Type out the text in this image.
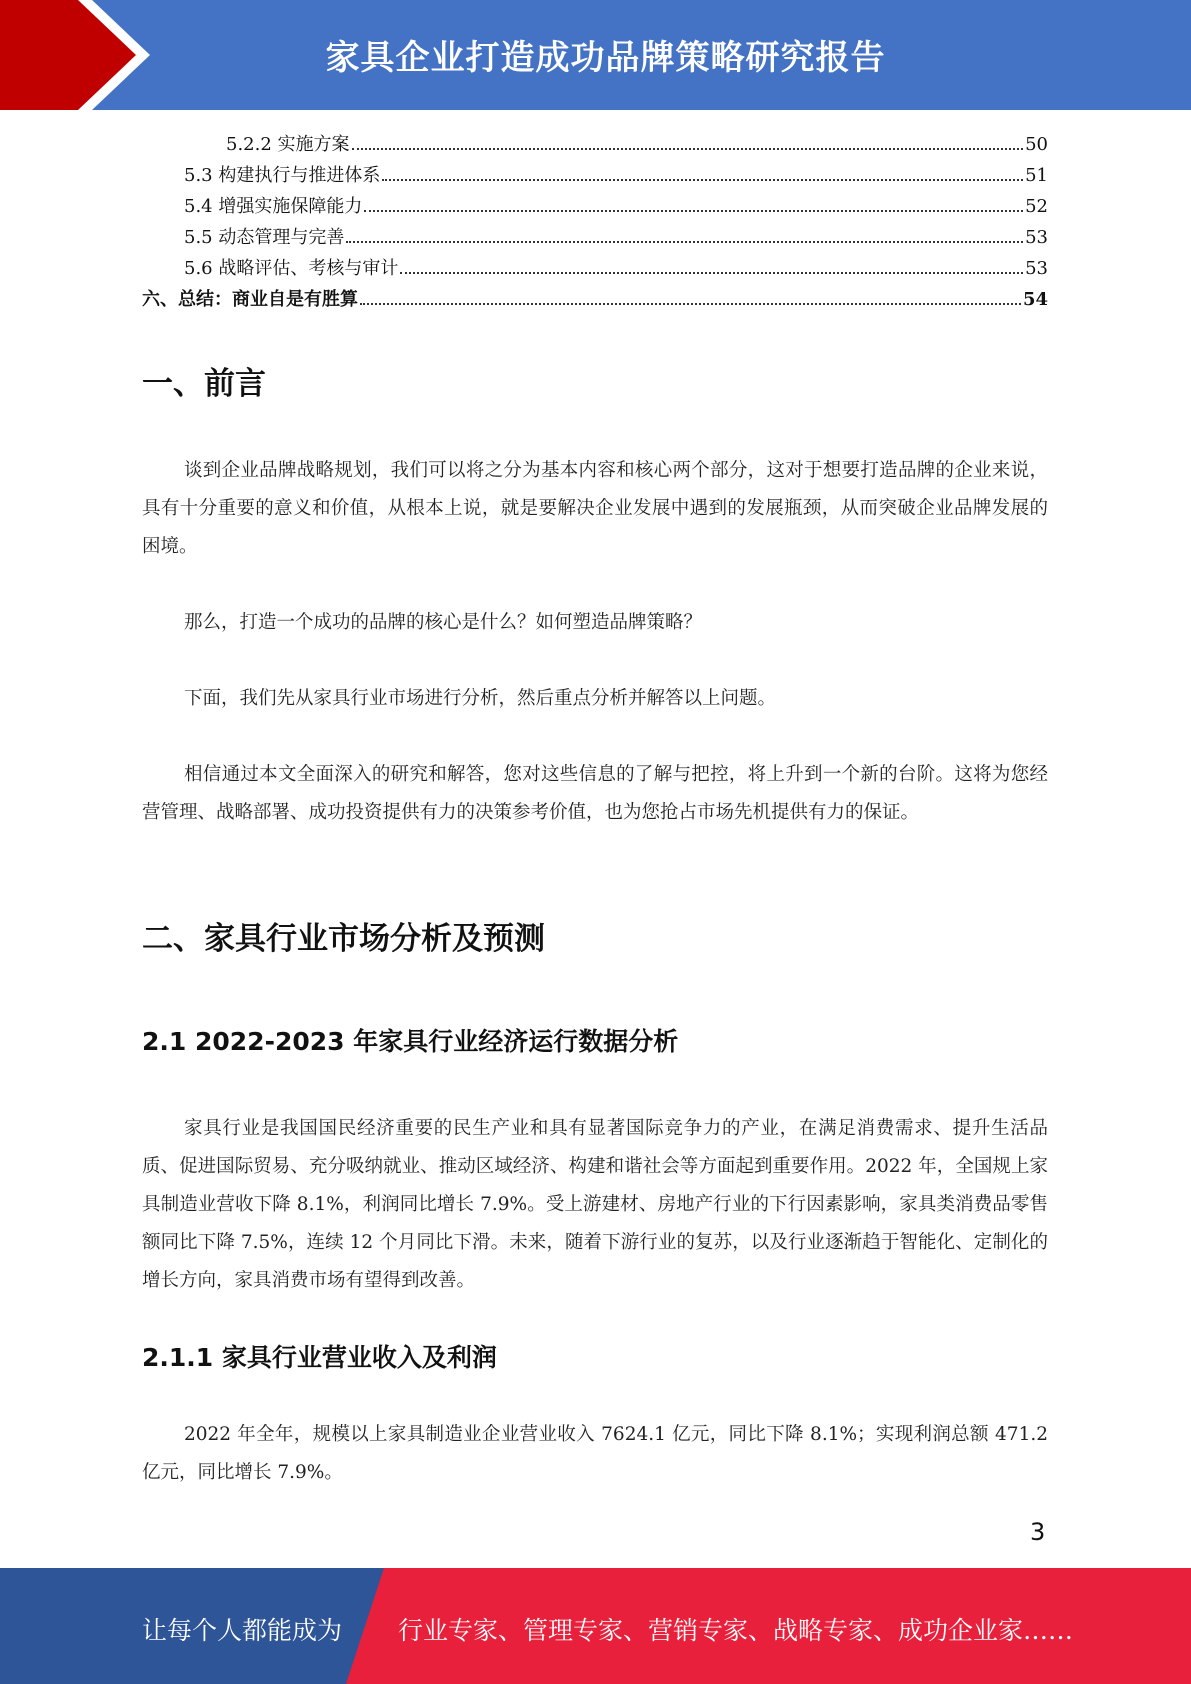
家具企业打造成功品牌策略研究报告
5.2.2 实施方案	50
5.3 构建执行与推进体系	51
5.4 增强实施保障能力	52
5.5 动态管理与完善	53
5.6 战略评估、考核与审计	53
六、总结：商业自是有胜算	54
一、前言

谈到企业品牌战略规划，我们可以将之分为基本内容和核心两个部分，这对于想要打造品牌的企业来说，具有十分重要的意义和价值，从根本上说，就是要解决企业发展中遇到的发展瓶颈，从而突破企业品牌发展的困境。

那么，打造一个成功的品牌的核心是什么？如何塑造品牌策略？

下面，我们先从家具行业市场进行分析，然后重点分析并解答以上问题。

相信通过本文全面深入的研究和解答，您对这些信息的了解与把控，将上升到一个新的台阶。这将为您经营管理、战略部署、成功投资提供有力的决策参考价值，也为您抢占市场先机提供有力的保证。

二、家具行业市场分析及预测
2.1 2022-2023 年家具行业经济运行数据分析

家具行业是我国国民经济重要的民生产业和具有显著国际竞争力的产业，在满足消费需求、提升生活品质、促进国际贸易、充分吸纳就业、推动区域经济、构建和谐社会等方面起到重要作用。2022 年，全国规上家具制造业营收下降 8.1%，利润同比增长 7.9%。受上游建材、房地产行业的下行因素影响，家具类消费品零售额同比下降 7.5%，连续 12 个月同比下滑。未来，随着下游行业的复苏，以及行业逐渐趋于智能化、定制化的增长方向，家具消费市场有望得到改善。

2.1.1 家具行业营业收入及利润

2022 年全年，规模以上家具制造业企业营业收入 7624.1 亿元，同比下降 8.1%；实现利润总额 471.2 亿元，同比增长 7.9%。

3
让每个人都能成为 行业专家、管理专家、营销专家、战略专家、成功企业家……
